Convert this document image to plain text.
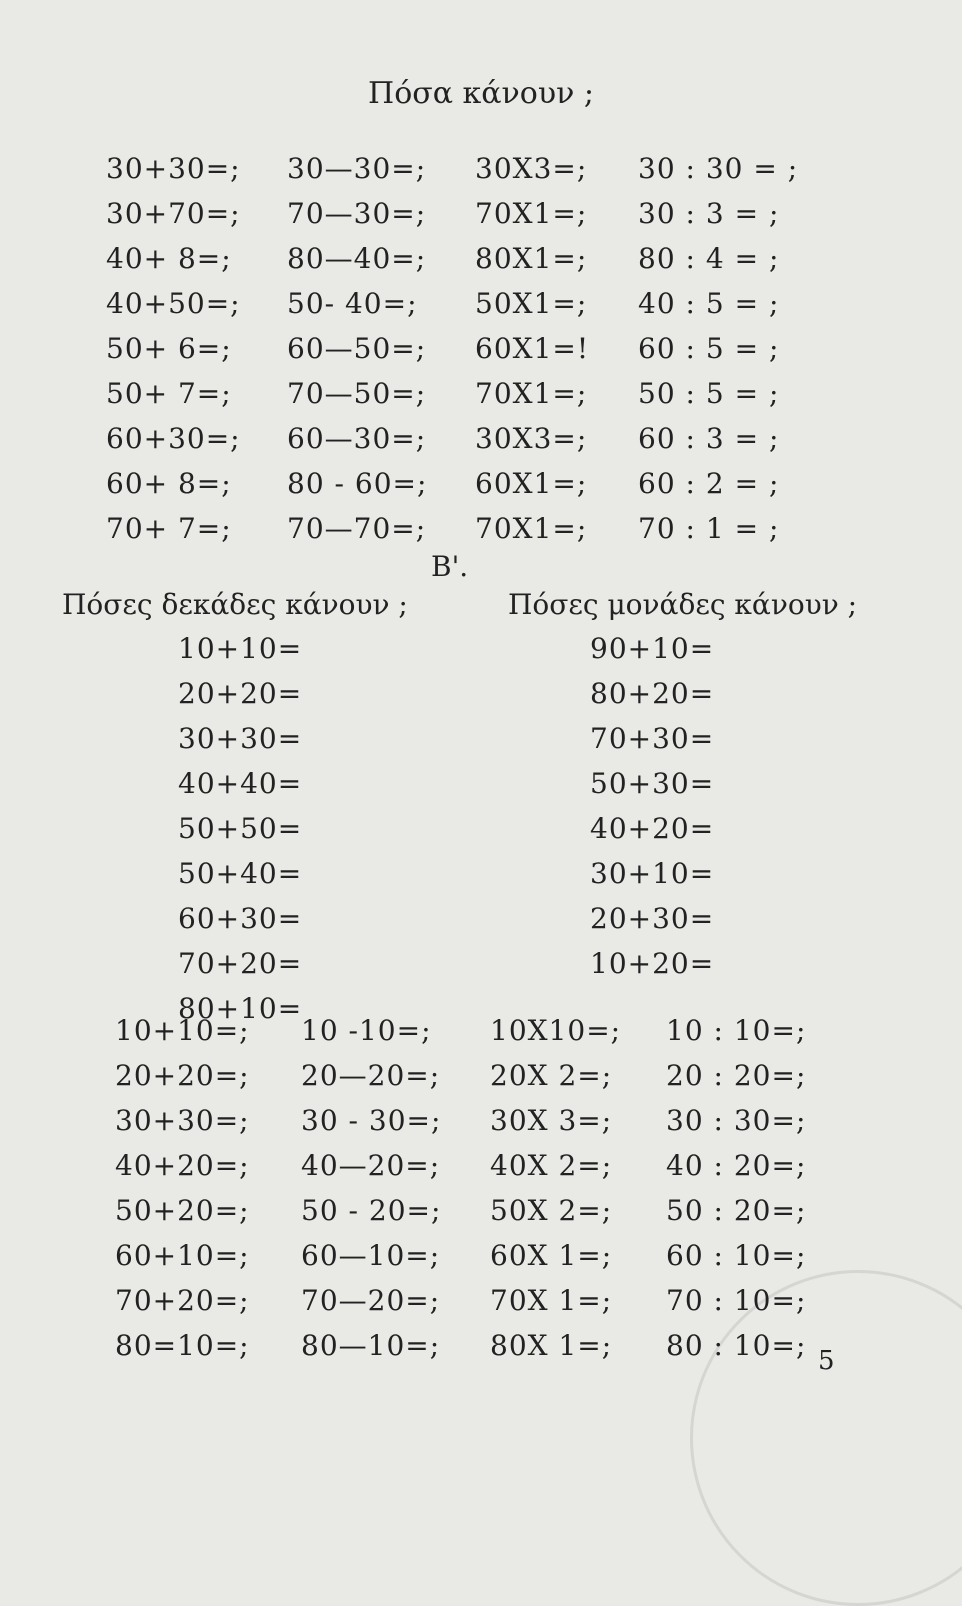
Πόσα κάνουν ;
30+30=;
30+70=;
40+ 8=;
40+50=;
50+ 6=;
50+ 7=;
60+30=;
60+ 8=;
70+ 7=;
30—30=;
70—30=;
80—40=;
50- 40=;
60—50=;
70—50=;
60—30=;
80 - 60=;
70—70=;
30X3=;
70X1=;
80X1=;
50X1=;
60X1=!
70X1=;
30X3=;
60X1=;
70X1=;
30 : 30 = ;
30 : 3 = ;
80 : 4 = ;
40 : 5 = ;
60 : 5 = ;
50 : 5 = ;
60 : 3 = ;
60 : 2 = ;
70 : 1 = ;
Β'.
Πόσες δεκάδες κάνουν ;	Πόσες μονάδες κάνουν ;
10+10=
20+20=
30+30=
40+40=
50+50=
50+40=
60+30=
70+20=
80+10=
90+10=
80+20=
70+30=
50+30=
40+20=
30+10=
20+30=
10+20=
10+10=;
20+20=;
30+30=;
40+20=;
50+20=;
60+10=;
70+20=;
80=10=;
10 -10=;
20—20=;
30 - 30=;
40—20=;
50 - 20=;
60—10=;
70—20=;
80—10=;
10X10=;
20X 2=;
30X 3=;
40X 2=;
50X 2=;
60X 1=;
70X 1=;
80X 1=;
10 : 10=;
20 : 20=;
30 : 30=;
40 : 20=;
50 : 20=;
60 : 10=;
70 : 10=;
80 : 10=; 5
